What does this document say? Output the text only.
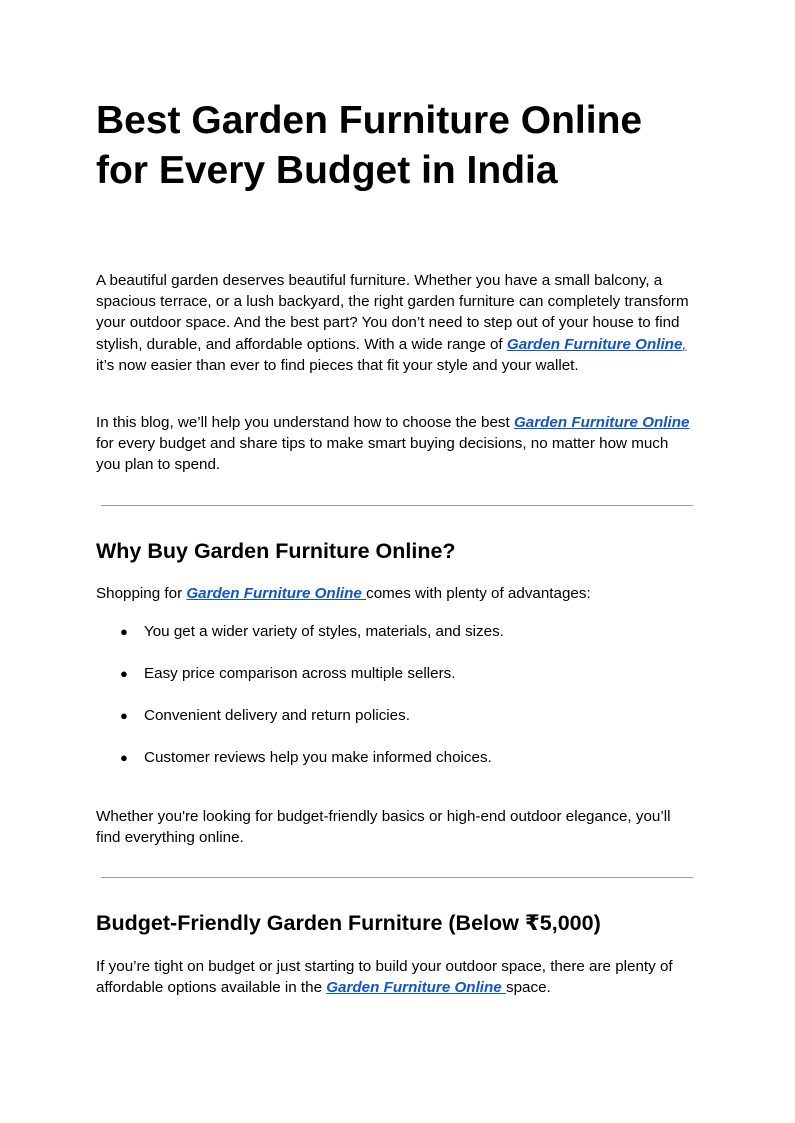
Best Garden Furniture Online for Every Budget in India

A beautiful garden deserves beautiful furniture. Whether you have a small balcony, a spacious terrace, or a lush backyard, the right garden furniture can completely transform your outdoor space. And the best part? You don’t need to step out of your house to find stylish, durable, and affordable options. With a wide range of Garden Furniture Online, it’s now easier than ever to find pieces that fit your style and your wallet.

In this blog, we’ll help you understand how to choose the best Garden Furniture Online for every budget and share tips to make smart buying decisions, no matter how much you plan to spend.

Why Buy Garden Furniture Online?

Shopping for Garden Furniture Online comes with plenty of advantages:

● You get a wider variety of styles, materials, and sizes.
● Easy price comparison across multiple sellers.
● Convenient delivery and return policies.
● Customer reviews help you make informed choices.

Whether you're looking for budget-friendly basics or high-end outdoor elegance, you’ll find everything online.

Budget-Friendly Garden Furniture (Below ₹5,000)

If you’re tight on budget or just starting to build your outdoor space, there are plenty of affordable options available in the Garden Furniture Online space.
